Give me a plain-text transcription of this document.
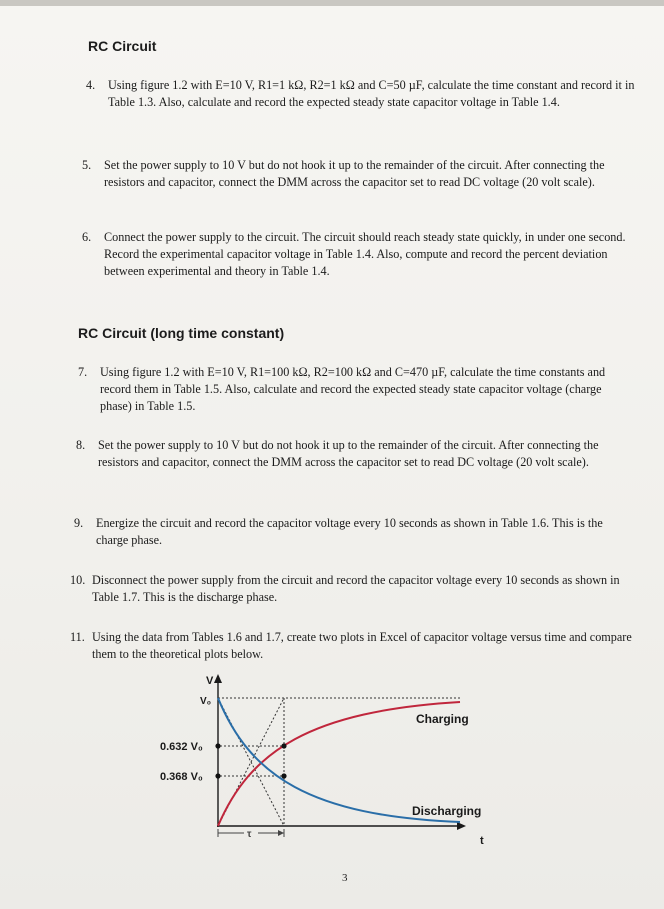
RC Circuit
4. Using figure 1.2 with E=10 V, R1=1 kΩ, R2=1 kΩ and C=50 µF, calculate the time constant and record it in Table 1.3. Also, calculate and record the expected steady state capacitor voltage in Table 1.4.
5. Set the power supply to 10 V but do not hook it up to the remainder of the circuit. After connecting the resistors and capacitor, connect the DMM across the capacitor set to read DC voltage (20 volt scale).
6. Connect the power supply to the circuit. The circuit should reach steady state quickly, in under one second. Record the experimental capacitor voltage in Table 1.4. Also, compute and record the percent deviation between experimental and theory in Table 1.4.
RC Circuit (long time constant)
7. Using figure 1.2 with E=10 V, R1=100 kΩ, R2=100 kΩ and C=470 µF, calculate the time constants and record them in Table 1.5. Also, calculate and record the expected steady state capacitor voltage (charge phase) in Table 1.5.
8. Set the power supply to 10 V but do not hook it up to the remainder of the circuit. After connecting the resistors and capacitor, connect the DMM across the capacitor set to read DC voltage (20 volt scale).
9. Energize the circuit and record the capacitor voltage every 10 seconds as shown in Table 1.6. This is the charge phase.
10. Disconnect the power supply from the circuit and record the capacitor voltage every 10 seconds as shown in Table 1.7. This is the discharge phase.
11. Using the data from Tables 1.6 and 1.7, create two plots in Excel of capacitor voltage versus time and compare them to the theoretical plots below.
V
V₀
0.632 V₀
0.368 V₀
Charging
Discharging
t
τ
3
